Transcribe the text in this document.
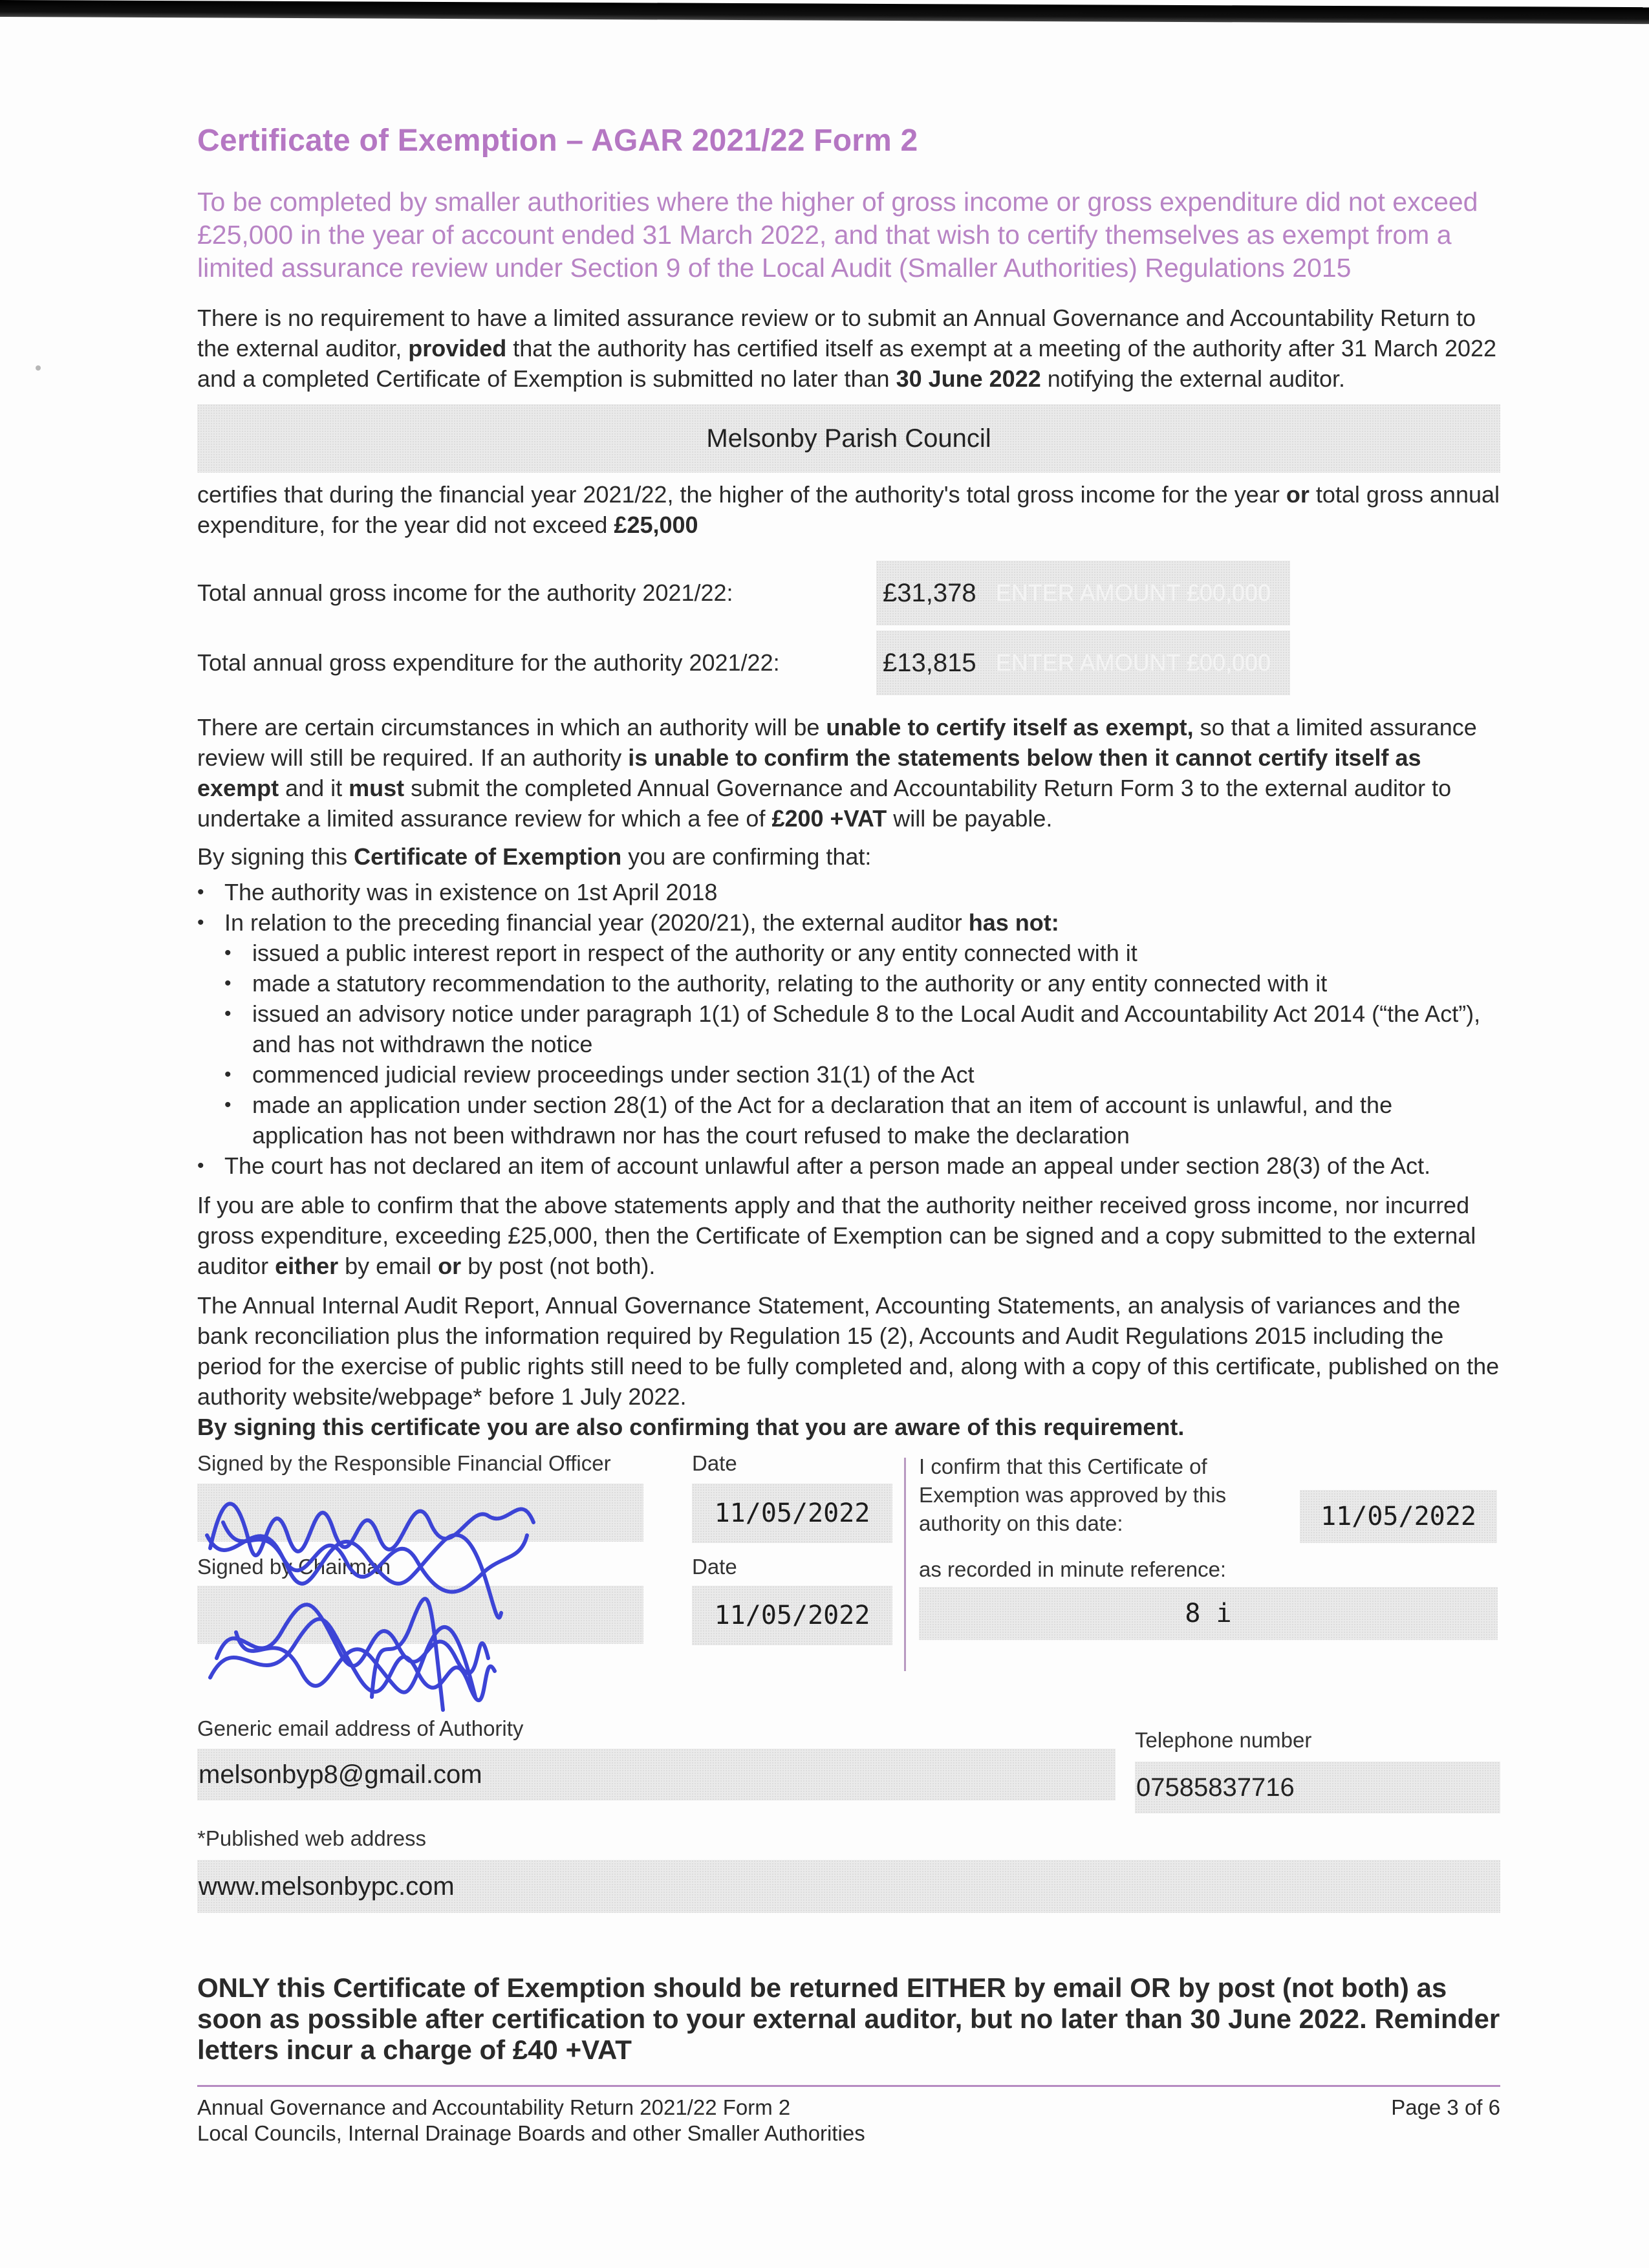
Certificate of Exemption – AGAR 2021/22 Form 2
To be completed by smaller authorities where the higher of gross income or gross expenditure did not exceed £25,000 in the year of account ended 31 March 2022, and that wish to certify themselves as exempt from a limited assurance review under Section 9 of the Local Audit (Smaller Authorities) Regulations 2015
There is no requirement to have a limited assurance review or to submit an Annual Governance and Accountability Return to the external auditor, provided that the authority has certified itself as exempt at a meeting of the authority after 31 March 2022 and a completed Certificate of Exemption is submitted no later than 30 June 2022 notifying the external auditor.
Melsonby Parish Council
certifies that during the financial year 2021/22, the higher of the authority's total gross income for the year or total gross annual expenditure, for the year did not exceed £25,000
Total annual gross income for the authority 2021/22:	£31,378 ENTER AMOUNT £00,000
Total annual gross expenditure for the authority 2021/22:	£13,815 ENTER AMOUNT £00,000
There are certain circumstances in which an authority will be unable to certify itself as exempt, so that a limited assurance review will still be required. If an authority is unable to confirm the statements below then it cannot certify itself as exempt and it must submit the completed Annual Governance and Accountability Return Form 3 to the external auditor to undertake a limited assurance review for which a fee of £200 +VAT will be payable.
By signing this Certificate of Exemption you are confirming that:
• The authority was in existence on 1st April 2018
• In relation to the preceding financial year (2020/21), the external auditor has not:
• issued a public interest report in respect of the authority or any entity connected with it
• made a statutory recommendation to the authority, relating to the authority or any entity connected with it
• issued an advisory notice under paragraph 1(1) of Schedule 8 to the Local Audit and Accountability Act 2014 (“the Act”), and has not withdrawn the notice
• commenced judicial review proceedings under section 31(1) of the Act
• made an application under section 28(1) of the Act for a declaration that an item of account is unlawful, and the application has not been withdrawn nor has the court refused to make the declaration
• The court has not declared an item of account unlawful after a person made an appeal under section 28(3) of the Act.
If you are able to confirm that the above statements apply and that the authority neither received gross income, nor incurred gross expenditure, exceeding £25,000, then the Certificate of Exemption can be signed and a copy submitted to the external auditor either by email or by post (not both).
The Annual Internal Audit Report, Annual Governance Statement, Accounting Statements, an analysis of variances and the bank reconciliation plus the information required by Regulation 15 (2), Accounts and Audit Regulations 2015 including the period for the exercise of public rights still need to be fully completed and, along with a copy of this certificate, published on the authority website/webpage* before 1 July 2022.
By signing this certificate you are also confirming that you are aware of this requirement.
Signed by the Responsible Financial Officer	Date
11/05/2022
Signed by Chairman	Date
11/05/2022
I confirm that this Certificate of Exemption was approved by this authority on this date:	11/05/2022
as recorded in minute reference:
8 i
Generic email address of Authority
melsonbyp8@gmail.com
Telephone number
07585837716
*Published web address
www.melsonbypc.com
ONLY this Certificate of Exemption should be returned EITHER by email OR by post (not both) as soon as possible after certification to your external auditor, but no later than 30 June 2022. Reminder letters incur a charge of £40 +VAT
Annual Governance and Accountability Return 2021/22 Form 2
Local Councils, Internal Drainage Boards and other Smaller Authorities
Page 3 of 6
